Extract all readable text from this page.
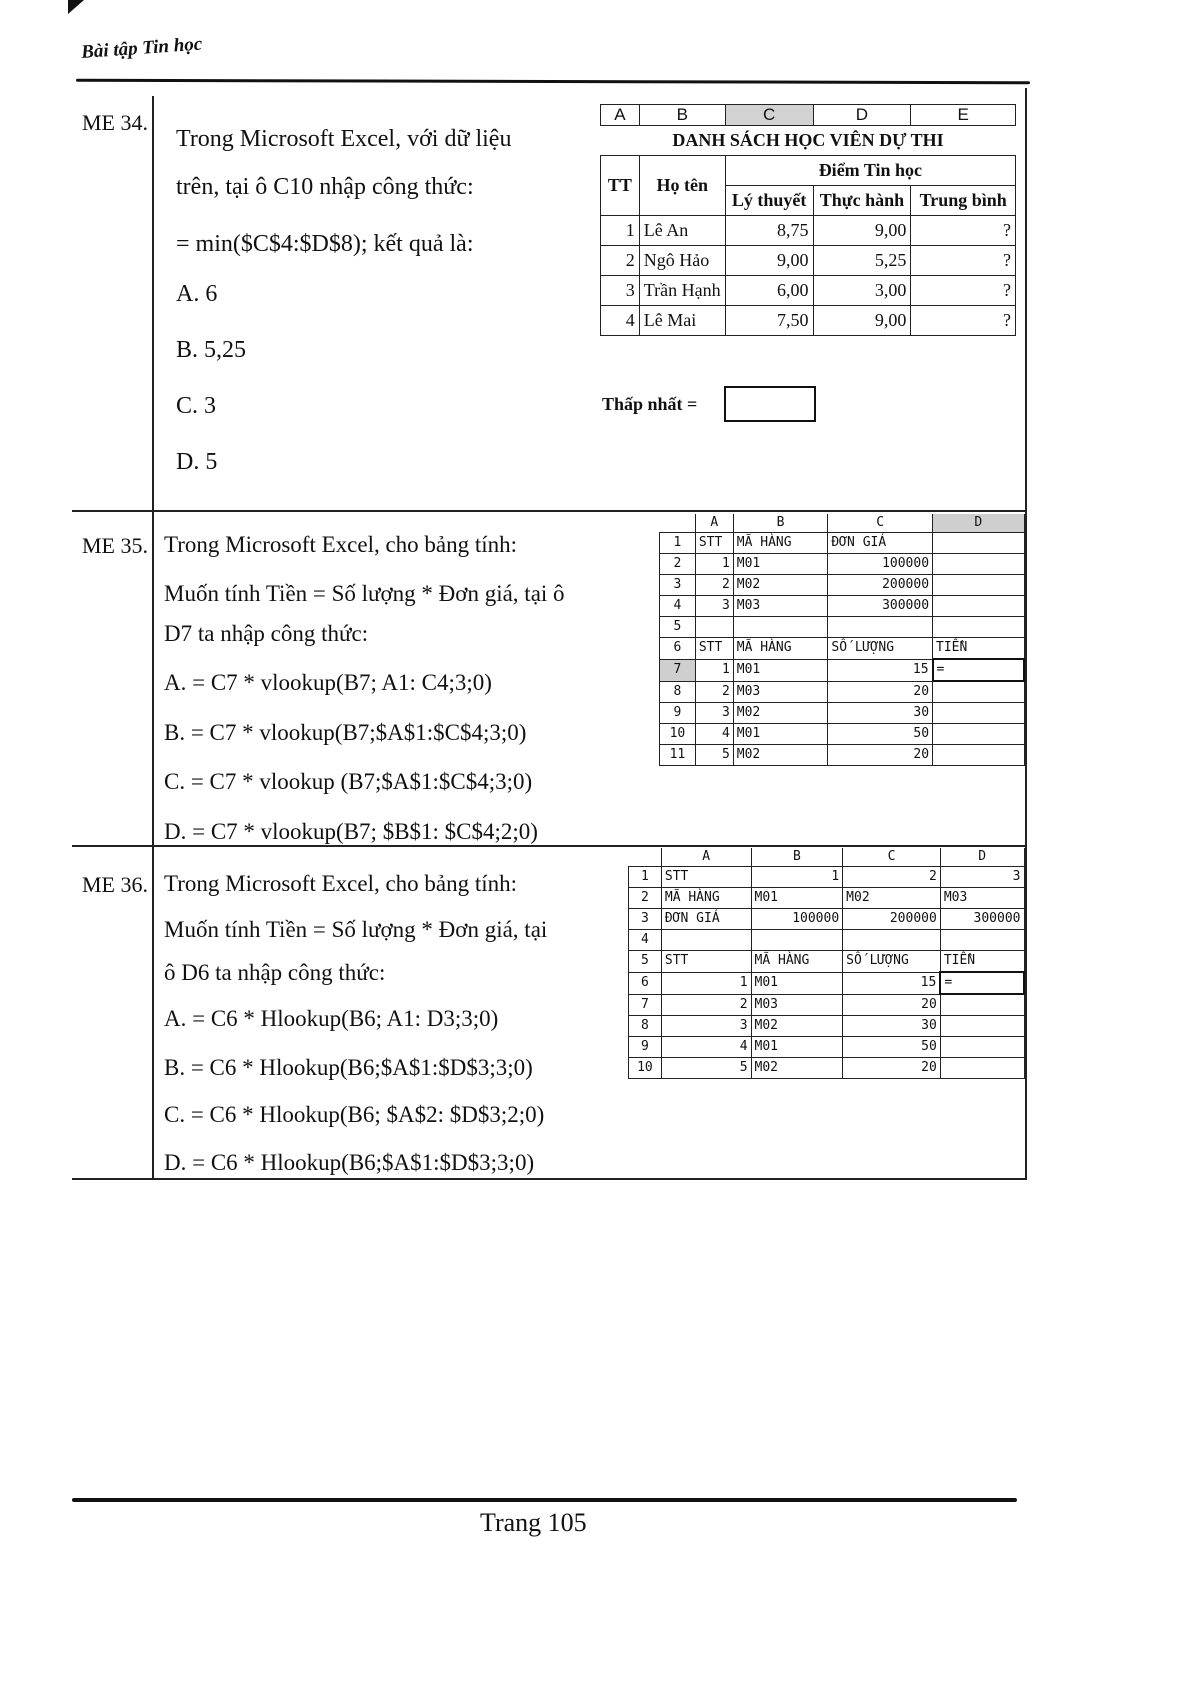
Bài tập Tin học
ME 34.
Trong Microsoft Excel, với dữ liệu
trên, tại ô C10 nhập công thức:
= min($C$4:$D$8); kết quả là:
A. 6
B. 5,25
C. 3
D. 5
A	B	C	D	E
DANH SÁCH HỌC VIÊN DỰ THI				
TT	Họ tên	Điểm Tin học		
		Lý thuyết	Thực hành	Trung bình
1	Lê An	8,75	9,00	?
2	Ngô Hảo	9,00	5,25	?
3	Trần Hạnh	6,00	3,00	?
4	Lê Mai	7,50	9,00	?
Thấp nhất =
ME 35. Trong Microsoft Excel, cho bảng tính:
Muốn tính Tiền = Số lượng * Đơn giá, tại ô
D7 ta nhập công thức:
A. = C7 * vlookup(B7; A1: C4;3;0)
B. = C7 * vlookup(B7;$A$1:$C$4;3;0)
C. = C7 * vlookup (B7;$A$1:$C$4;3;0)
D. = C7 * vlookup(B7; $B$1: $C$4;2;0)
	A	B	C	D
1	STT	MÃ HÀNG	ĐƠN GIÁ	
2	1	M01	100000	
3	2	M02	200000	
4	3	M03	300000	
5				
6	STT	MÃ HÀNG	SỐ LƯỢNG	TIỀN
7	1	M01	15	=
8	2	M03	20	
9	3	M02	30	
10	4	M01	50	
11	5	M02	20	
ME 36. Trong Microsoft Excel, cho bảng tính:
Muốn tính Tiền = Số lượng * Đơn giá, tại
ô D6 ta nhập công thức:
A. = C6 * Hlookup(B6; A1: D3;3;0)
B. = C6 * Hlookup(B6;$A$1:$D$3;3;0)
C. = C6 * Hlookup(B6; $A$2: $D$3;2;0)
D. = C6 * Hlookup(B6;$A$1:$D$3;3;0)
	A	B	C	D
1	STT	1	2	3
2	MÃ HÀNG	M01	M02	M03
3	ĐƠN GIÁ	100000	200000	300000
4				
5	STT	MÃ HÀNG	SỐ LƯỢNG	TIỀN
6	1	M01	15	=
7	2	M03	20	
8	3	M02	30	
9	4	M01	50	
10	5	M02	20	
Trang 105
